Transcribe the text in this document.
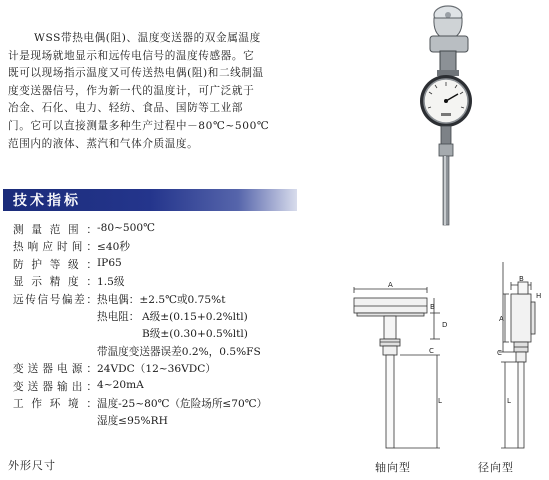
WSS带热电偶(阻)、温度变送器的双金属温度

计是现场就地显示和远传电信号的温度传感器。它

既可以现场指示温度又可传送热电偶(阻)和二线制温

度变送器信号，作为新一代的温度计，可广泛就于

冶金、石化、电力、轻纺、食品、国防等工业部

门。它可以直接测量多种生产过程中－80℃~500℃

范围内的液体、蒸汽和气体介质温度。

技术指标
测量范围： -80~500℃
热响应时间： ≤40秒
防护等级： IP65
显示精度： 1.5级
远传信号偏差： 热电偶：±2.5℃或0.75%t
热电阻： A级±(0.15+0.2%ltl)
B级±(0.30+0.5%ltl)
带温度变送器误差0.2%，0.5%FS
变送器电源： 24VDC（12~36VDC）
变送器输出： 4~20mA
工作环境： 温度-25~80℃（危险场所≤70℃）
湿度≤95%RH
外形尺寸	轴向型	径向型
A
B
D
C
L
B
A
C
H
L
